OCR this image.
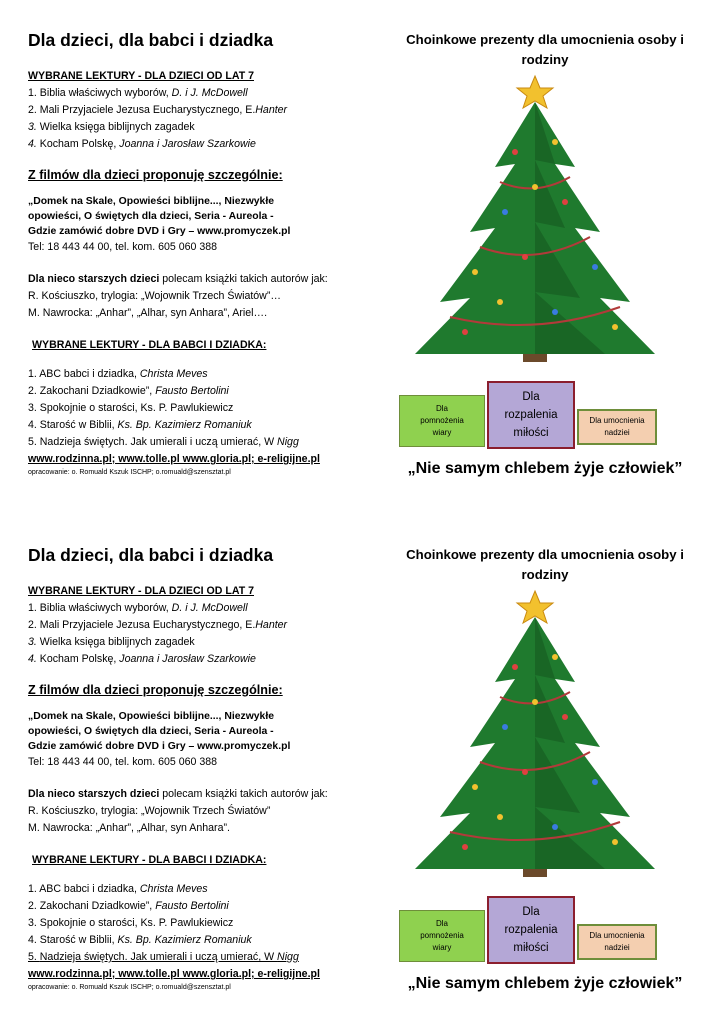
Dla dzieci, dla babci i dziadka
WYBRANE LEKTURY - DLA DZIECI OD LAT 7
1. Biblia właściwych wyborów, D. i J. McDowell
2. Mali Przyjaciele Jezusa Eucharystycznego, E.Hanter
3. Wielka księga biblijnych zagadek
4. Kocham Polskę, Joanna i Jarosław Szarkowie
Z filmów dla dzieci proponuję szczególnie:
„Domek na Skale, Opowieści biblijne..., Niezwykłe
opowieści, O świętych dla dzieci, Seria - Aureola -
Gdzie zamówić dobre DVD i Gry – www.promyczek.pl
Tel: 18 443 44 00, tel. kom. 605 060 388
Dla nieco starszych dzieci polecam książki takich autorów jak:
R. Kościuszko, trylogia: „Wojownik Trzech Światów”…
M. Nawrocka: „Anhar”, „Alhar, syn Anhara”, Ariel….
WYBRANE LEKTURY - DLA BABCI I DZIADKA:
1. ABC babci i dziadka, Christa Meves
2. Zakochani Dziadkowie”, Fausto Bertolini
3. Spokojnie o starości, Ks. P. Pawlukiewicz
4. Starość w Biblii, Ks. Bp. Kazimierz Romaniuk
5. Nadzieja świętych. Jak umierali i uczą umierać, W Nigg
www.rodzinna.pl; www.tolle.pl www.gloria.pl; e-religijne.pl
opracowanie: o. Romuald Kszuk ISCHP; o.romuald@szensztat.pl
Choinkowe prezenty dla umocnienia osoby i rodziny
Dla
pomnożenia
wiary
Dla
rozpalenia
miłości
Dla umocnienia
nadziei
„Nie samym chlebem żyje człowiek”
Dla dzieci, dla babci i dziadka
WYBRANE LEKTURY - DLA DZIECI OD LAT 7
1. Biblia właściwych wyborów, D. i J. McDowell
2. Mali Przyjaciele Jezusa Eucharystycznego, E.Hanter
3. Wielka księga biblijnych zagadek
4. Kocham Polskę, Joanna i Jarosław Szarkowie
Z filmów dla dzieci proponuję szczególnie:
„Domek na Skale, Opowieści biblijne..., Niezwykłe
opowieści, O świętych dla dzieci, Seria - Aureola -
Gdzie zamówić dobre DVD i Gry – www.promyczek.pl
Tel: 18 443 44 00, tel. kom. 605 060 388
Dla nieco starszych dzieci polecam książki takich autorów jak:
R. Kościuszko, trylogia: „Wojownik Trzech Światów”
M. Nawrocka: „Anhar”, „Alhar, syn Anhara”.
WYBRANE LEKTURY - DLA BABCI I DZIADKA:
1. ABC babci i dziadka, Christa Meves
2. Zakochani Dziadkowie”, Fausto Bertolini
3. Spokojnie o starości, Ks. P. Pawlukiewicz
4. Starość w Biblii, Ks. Bp. Kazimierz Romaniuk
5. Nadzieja świętych. Jak umierali i uczą umierać, W Nigg
www.rodzinna.pl; www.tolle.pl www.gloria.pl; e-religijne.pl
opracowanie: o. Romuald Kszuk ISCHP; o.romuald@szensztat.pl
Choinkowe prezenty dla umocnienia osoby i rodziny
Dla
pomnożenia
wiary
Dla
rozpalenia
miłości
Dla umocnienia
nadziei
„Nie samym chlebem żyje człowiek”
